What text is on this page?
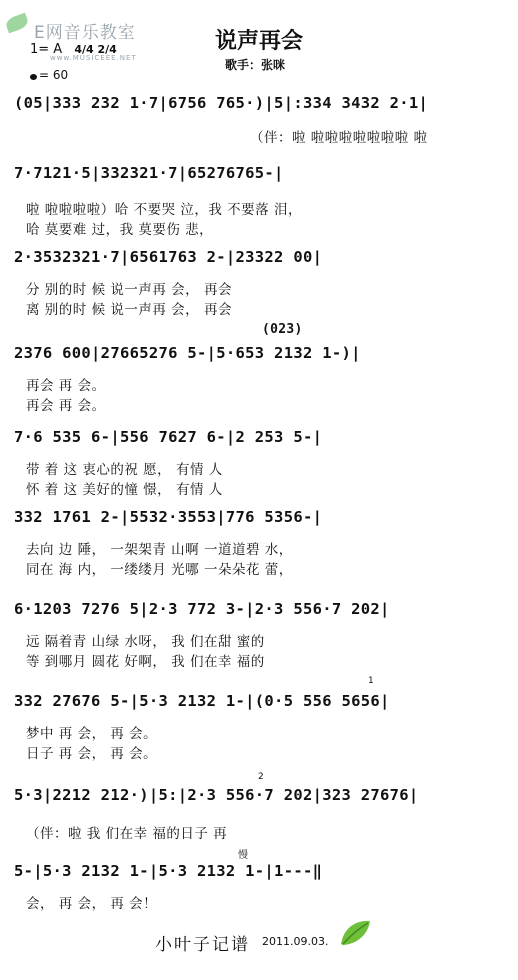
E网音乐教室
www.MUSICEEE.NET
说声再会
歌手：张咪
1= A 4/4 2/4
= 60
(05|333 232 1·7|6756 765·)|5|:334 3432 2·1|
（伴：啦 啦啦啦啦啦啦啦 啦
7·7121·5|332321·7|65276765-|
啦 啦啦啦啦）哈 不要哭 泣，我 不要落 泪，
哈 莫要难 过，我 莫要伤 悲，
2·3532321·7|6561763 2-|23322 00|
分 别的时 候 说一声再 会， 再会
离 别的时 候 说一声再 会， 再会
(023)
2376 600|27665276 5-|5·653 2132 1-)|
再会 再 会。
再会 再 会。
7·6 535 6-|556 7627 6-|2 253 5-|
带 着 这 衷心的祝 愿， 有情 人
怀 着 这 美好的憧 憬， 有情 人
332 1761 2-|5532·3553|776 5356-|
去向 边 陲， 一架架青 山啊 一道道碧 水，
同在 海 内， 一缕缕月 光哪 一朵朵花 蕾，
6·1203 7276 5|2·3 772 3-|2·3 556·7 202|
远 隔着青 山绿 水呀， 我 们在甜 蜜的
等 到哪月 圆花 好啊， 我 们在幸 福的
1
332 27676 5-|5·3 2132 1-|(0·5 556 5656|
梦中 再 会， 再 会。
日子 再 会， 再 会。
2
5·3|2212 212·)|5:|2·3 556·7 202|323 27676|
（伴：啦 我 们在幸 福的日子 再
慢
5-|5·3 2132 1-|5·3 2132 1-|1---‖
会， 再 会， 再 会！
小叶子记谱 2011.09.03.
